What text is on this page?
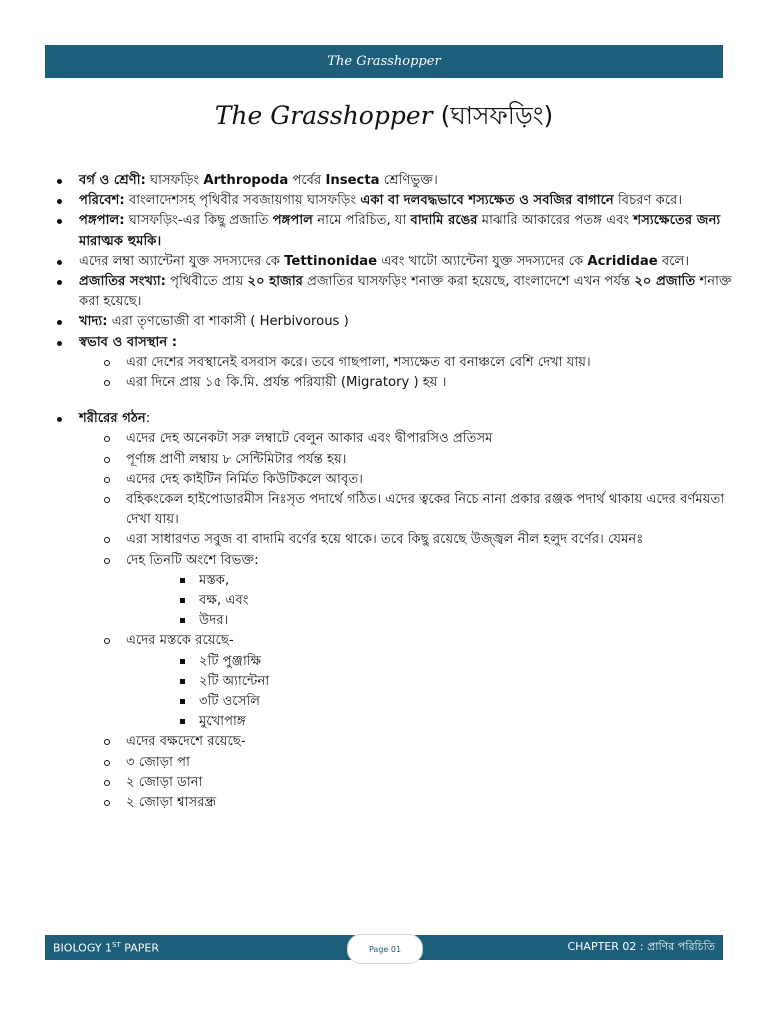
The Grasshopper
The Grasshopper (ঘাসফড়িং)
বর্গ ও শ্রেণী: ঘাসফড়িং Arthropoda পর্বের Insecta শ্রেণিভুক্ত।
পরিবেশ: বাংলাদেশসহ পৃথিবীর সবজায়গায় ঘাসফড়িং একা বা দলবদ্ধভাবে শস্যক্ষেত ও সবজির বাগানে বিচরণ করে।
পঙ্গপাল: ঘাসফড়িং-এর কিছু প্রজাতি পঙ্গপাল নামে পরিচিত, যা বাদামি রঙের মাঝারি আকারের পতঙ্গ এবং শস্যক্ষেতের জন্য মারাত্মক হুমকি।
এদের লম্বা অ্যান্টেনা যুক্ত সদস্যদের কে Tettinonidae এবং খাটো অ্যান্টেনা যুক্ত সদস্যদের কে Acrididae বলে।
প্রজাতির সংখ্যা: পৃথিবীতে প্রায় ২০ হাজার প্রজাতির ঘাসফড়িং শনাক্ত করা হয়েছে, বাংলাদেশে এখন পর্যন্ত ২০ প্রজাতি শনাক্ত করা হয়েছে।
খাদ্য: এরা তৃণভোজী বা শাকাসী ( Herbivorous )
স্বভাব ও বাসস্থান :
এরা দেশের সবস্থানেই বসবাস করে। তবে গাছপালা, শস্যক্ষেত বা বনাঞ্চলে বেশি দেখা যায়।
এরা দিনে প্রায় ১৫ কি.মি. প্রর্যন্ত পরিযায়ী (Migratory ) হয় ।
শরীরের গঠন:
এদের দেহ অনেকটা সরু লম্বাটে বেলুন আকার এবং দ্বীপারসিও প্রতিসম
পূর্ণাঙ্গ প্রাণী লম্বায় ৮ সেন্টিমিটার পর্যন্ত হয়।
এদের দেহ কাইটিন নির্মিত কিউটিকলে আবৃত।
বহিকংকেল হাইপোডারমীস নিঃসৃত পদার্থে গঠিত। এদের ত্বকের নিচে নানা প্রকার রঞ্জক পদার্থ থাকায় এদের বর্ণময়তা দেখা যায়।
এরা সাধারণত সবুজ বা বাদামি বর্ণের হয়ে থাকে। তবে কিছু রয়েছে উজ্জ্বল নীল হলুদ বর্ণের। যেমনঃ
দেহ তিনটি অংশে বিভক্ত:
মস্তক,
বক্ষ, এবং
উদর।
এদের মস্তকে রয়েছে-
২টি পুঞ্জাক্ষি
২টি অ্যান্টেনা
৩টি ওসেলি
মুখোপাঙ্গ
এদের বক্ষদেশে রয়েছে-
৩ জোড়া পা
২ জোড়া ডানা
২ জোড়া শ্বাসরন্ধ্র
BIOLOGY 1ST PAPER	CHAPTER 02 : প্রাণির পরিচিতি
Page 01
